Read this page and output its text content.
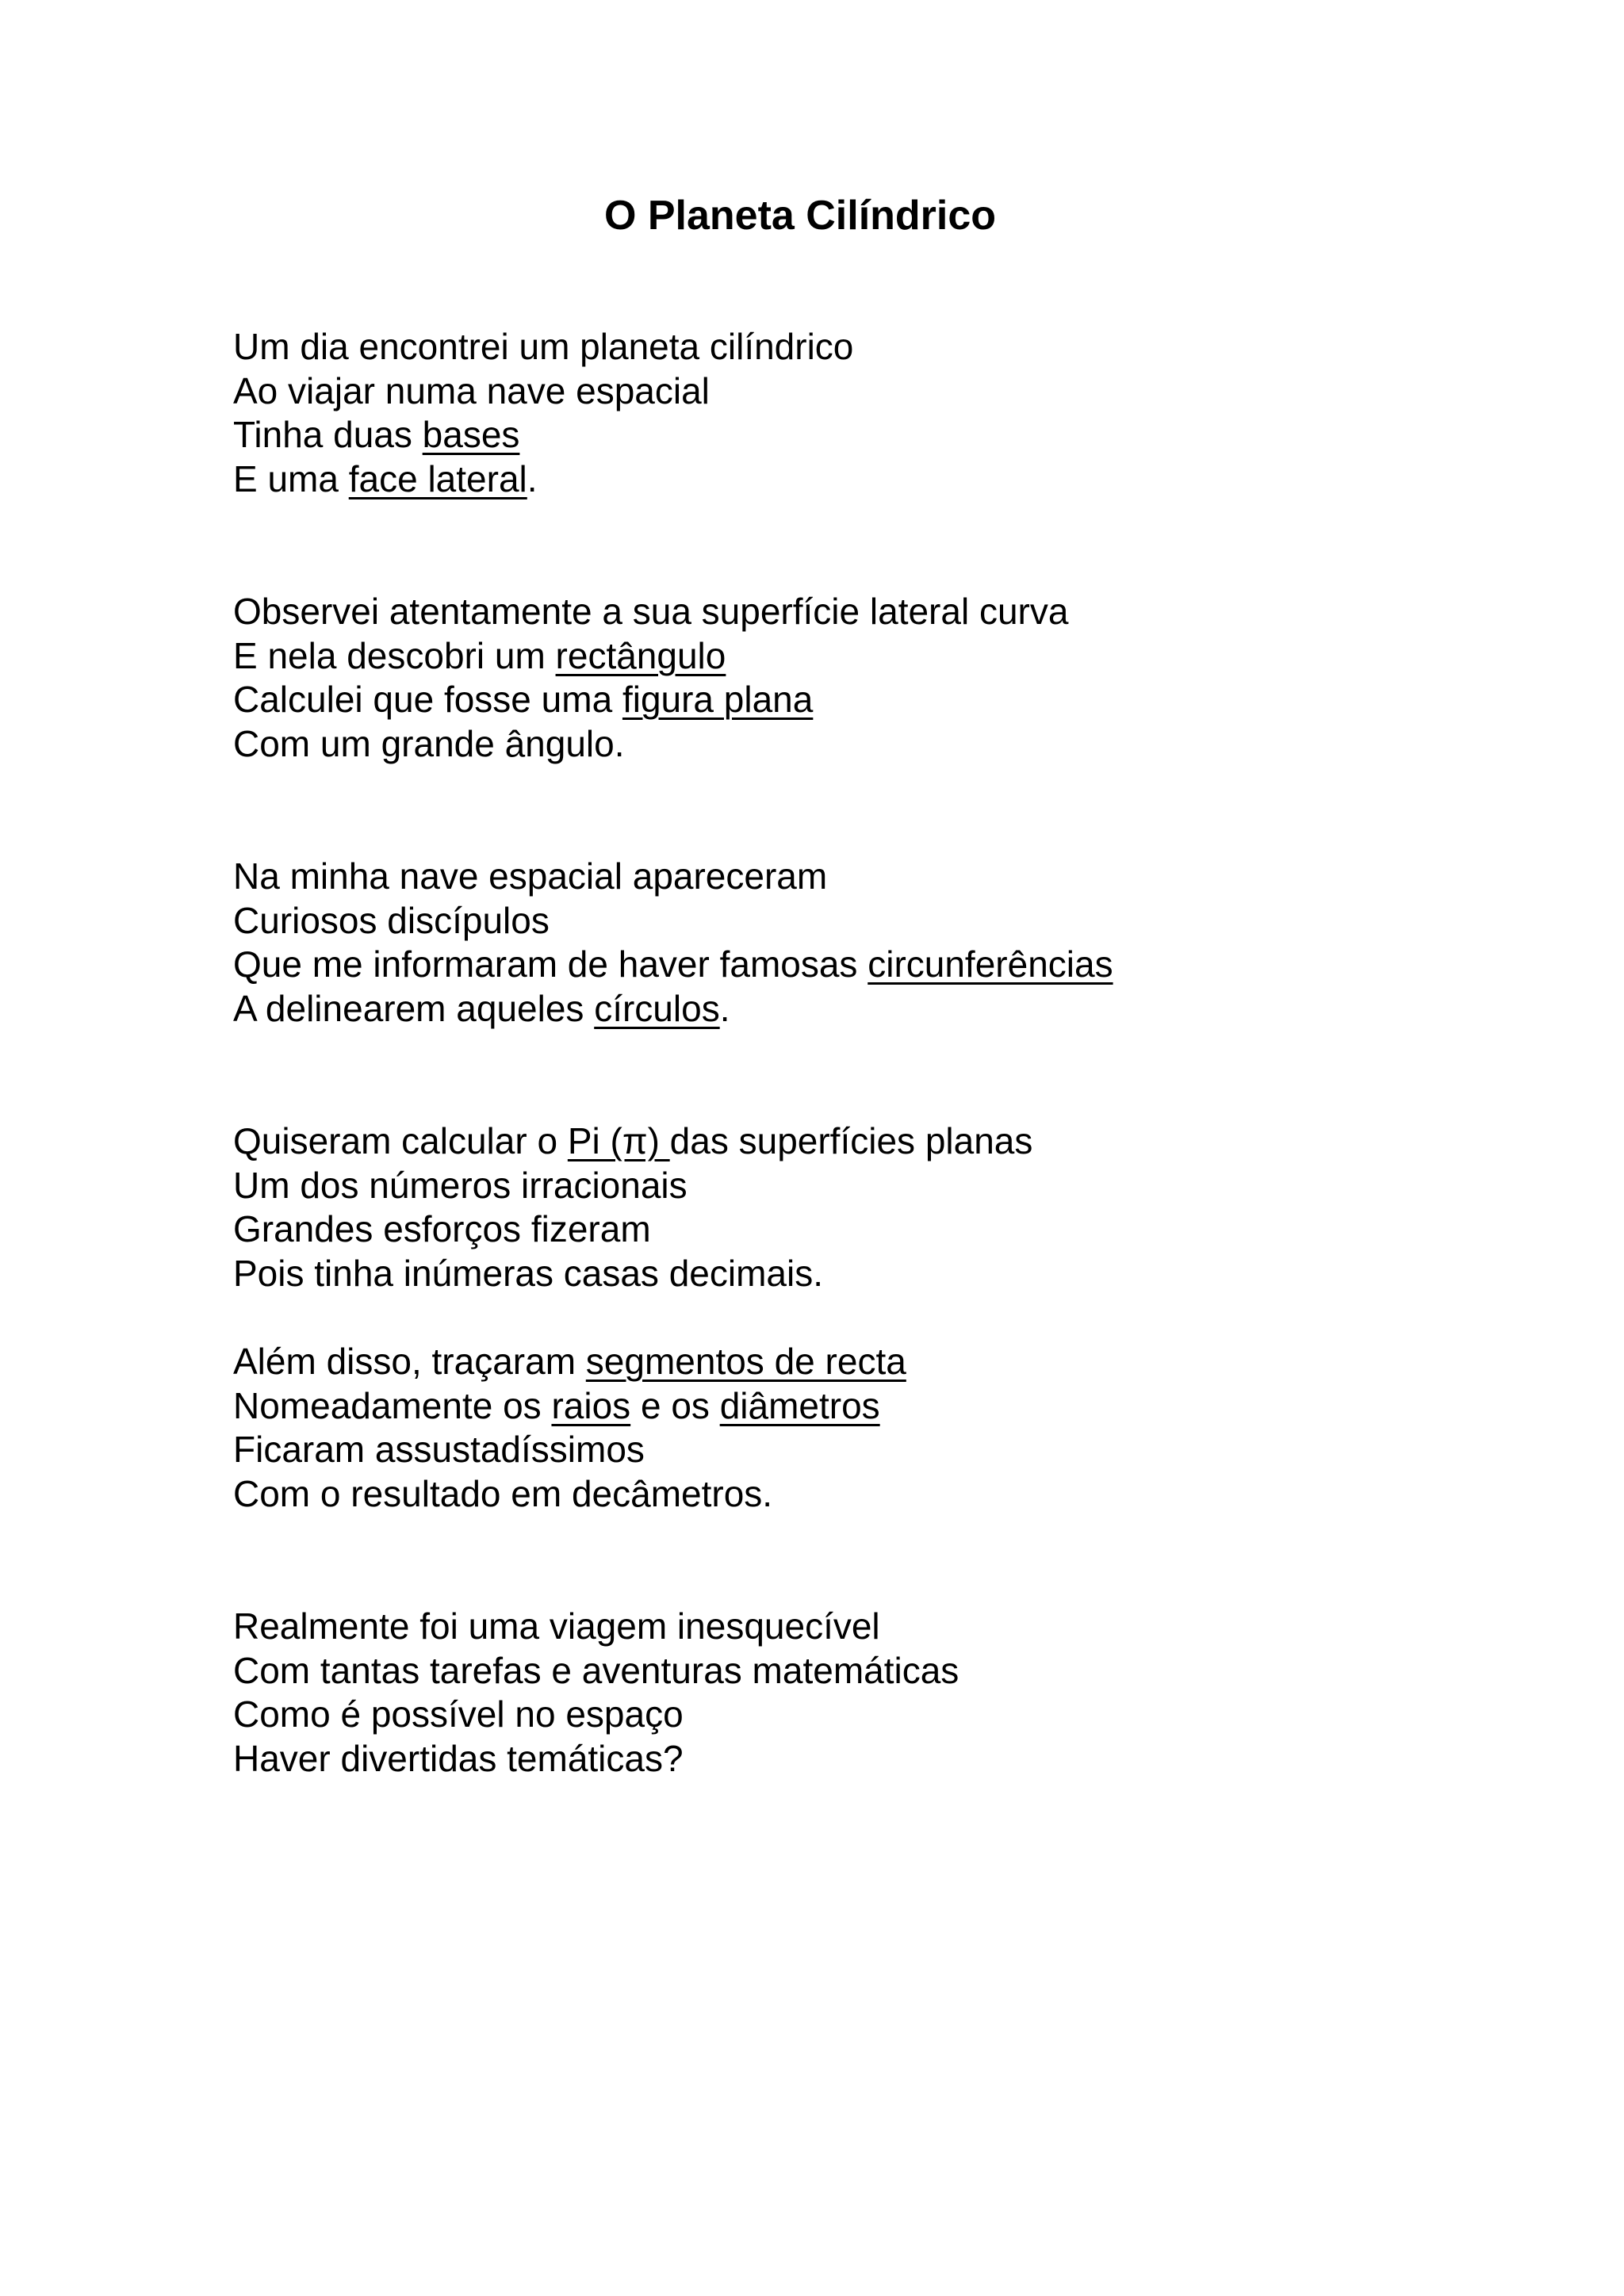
O Planeta Cilíndrico
Um dia encontrei um planeta cilíndrico
Ao viajar numa nave espacial
Tinha duas bases
E uma face lateral.
Observei atentamente a sua superfície lateral curva
E nela descobri um rectângulo
Calculei que fosse uma figura plana
Com um grande ângulo.
Na minha nave espacial apareceram
Curiosos discípulos
Que me informaram de haver famosas circunferências
A delinearem aqueles círculos.
Quiseram calcular o Pi (π) das superfícies planas
Um dos números irracionais
Grandes esforços fizeram
Pois tinha inúmeras casas decimais.
Além disso, traçaram segmentos de recta
Nomeadamente os raios e os diâmetros
Ficaram assustadíssimos
Com o resultado em decâmetros.
Realmente foi uma viagem inesquecível
Com tantas tarefas e aventuras matemáticas
Como é possível no espaço
Haver divertidas temáticas?
